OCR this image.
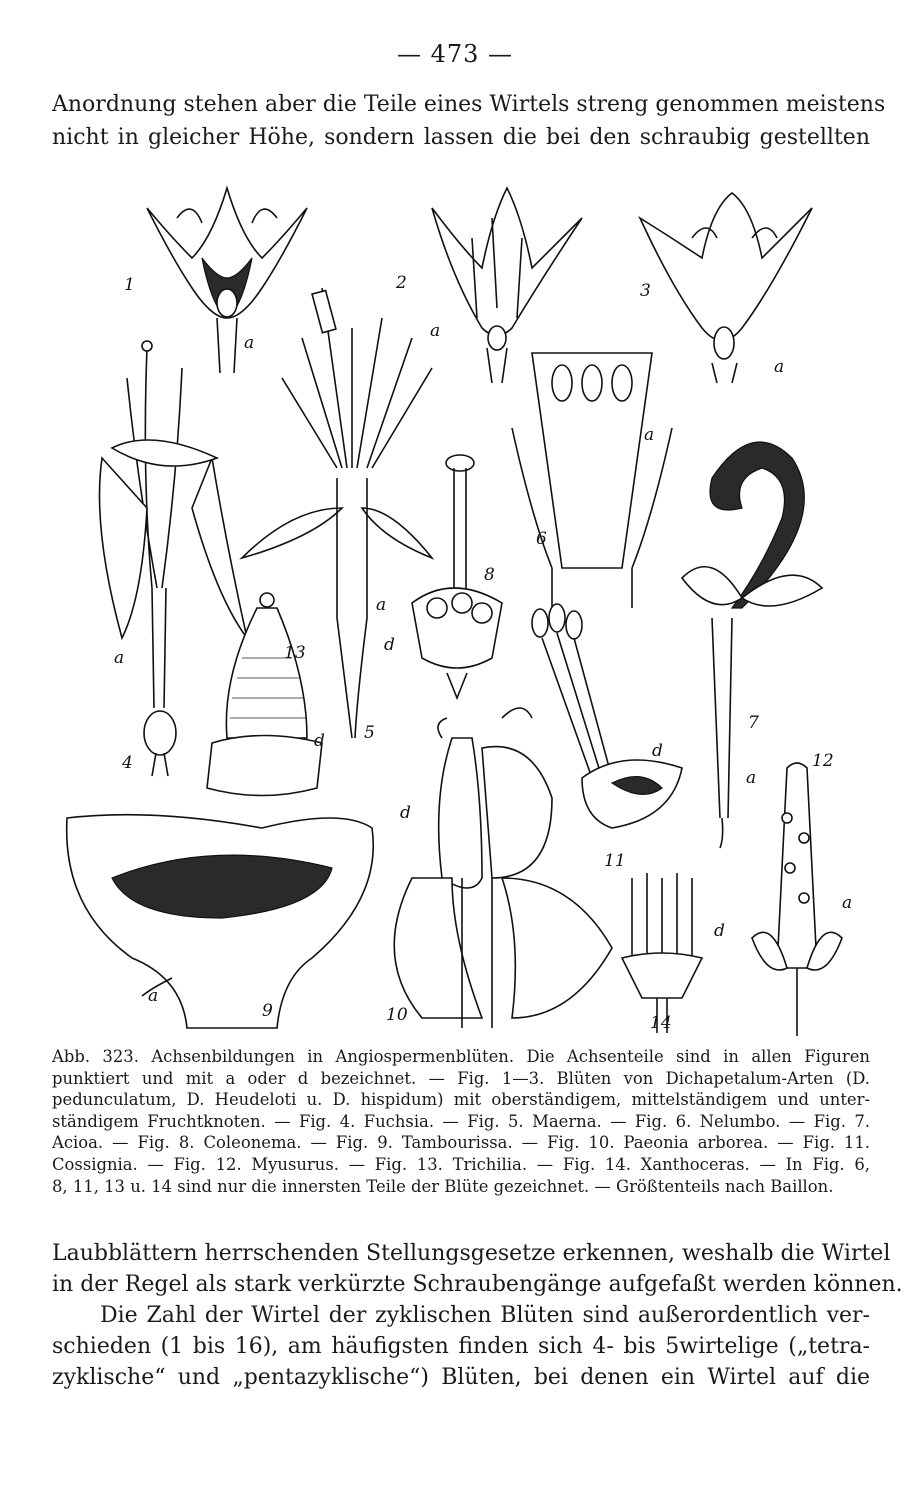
— 473 —

Anordnung stehen aber die Teile eines Wirtels streng genommen meistens
nicht in gleicher Höhe, sondern lassen die bei den schraubig gestellten

1
a
2
a
3
a
4
a
5
a
6
a
7
a
8
d
13
d
11
d	12
a
a
9	10
d
14
d

Abb. 323. Achsenbildungen in Angiospermenblüten. Die Achsenteile sind in allen Figuren
punktiert und mit a oder d bezeichnet. — Fig. 1—3. Blüten von Dichapetalum-Arten (D.
pedunculatum, D. Heudeloti u. D. hispidum) mit oberständigem, mittelständigem und unter-
ständigem Fruchtknoten. — Fig. 4. Fuchsia. — Fig. 5. Maerna. — Fig. 6. Nelumbo. — Fig. 7.
Acioa. — Fig. 8. Coleonema. — Fig. 9. Tambourissa. — Fig. 10. Paeonia arborea. — Fig. 11.
Cossignia. — Fig. 12. Myusurus. — Fig. 13. Trichilia. — Fig. 14. Xanthoceras. — In Fig. 6,
8, 11, 13 u. 14 sind nur die innersten Teile der Blüte gezeichnet. — Größtenteils nach Baillon.

Laubblättern herrschenden Stellungsgesetze erkennen, weshalb die Wirtel
in der Regel als stark verkürzte Schraubengänge aufgefaßt werden können.
Die Zahl der Wirtel der zyklischen Blüten sind außerordentlich ver-
schieden (1 bis 16), am häufigsten finden sich 4- bis 5wirtelige („tetra-
zyklische“ und „pentazyklische“) Blüten, bei denen ein Wirtel auf die
